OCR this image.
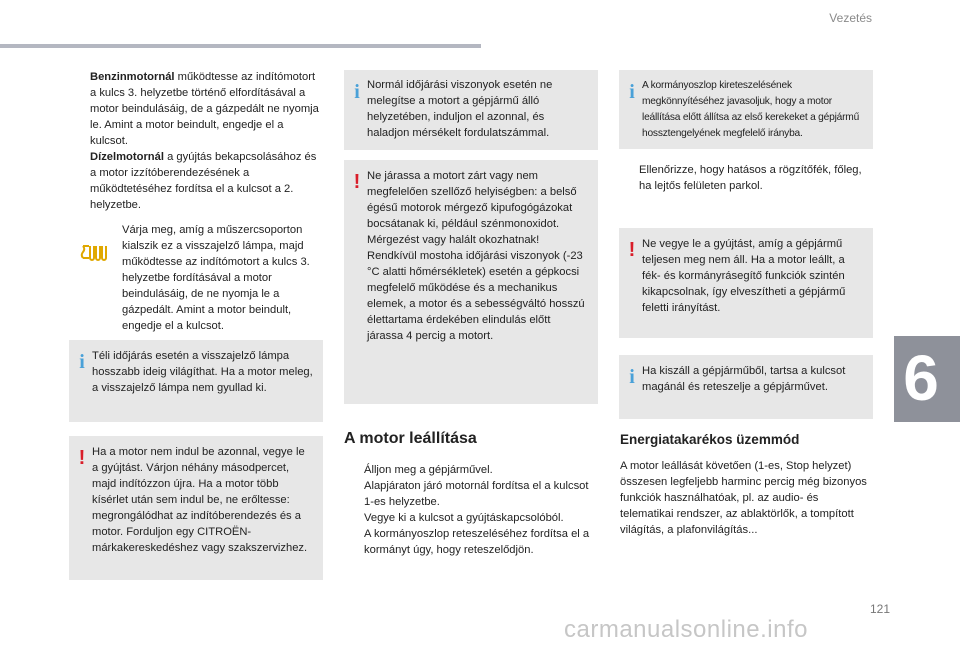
Vezetés
6
121
carmanualsonline.info
Benzinmotornál működtesse az indítómotort a kulcs 3. helyzetbe történő elfordításával a motor beindulásáig, de a gázpedált ne nyomja le. Amint a motor beindult, engedje el a kulcsot.
Dízelmotornál a gyújtás bekapcsolásához és a motor izzítóberendezésének a működtetéséhez fordítsa el a kulcsot a 2. helyzetbe.
Várja meg, amíg a műszercsoporton kialszik ez a visszajelző lámpa, majd működtesse az indítómotort a kulcs 3. helyzetbe fordításával a motor beindulásáig, de ne nyomja le a gázpedált. Amint a motor beindult, engedje el a kulcsot.
i Téli időjárás esetén a visszajelző lámpa hosszabb ideig világíthat. Ha a motor meleg, a visszajelző lámpa nem gyullad ki.
! Ha a motor nem indul be azonnal, vegye le a gyújtást. Várjon néhány másodpercet, majd indítózzon újra. Ha a motor több kísérlet után sem indul be, ne erőltesse: megrongálódhat az indítóberendezés és a motor. Forduljon egy CITROËN-márkakereskedéshez vagy szakszervizhez.
i Normál időjárási viszonyok esetén ne melegítse a motort a gépjármű álló helyzetében, induljon el azonnal, és haladjon mérsékelt fordulatszámmal.
! Ne járassa a motort zárt vagy nem megfelelően szellőző helyiségben: a belső égésű motorok mérgező kipufogógázokat bocsátanak ki, például szénmonoxidot. Mérgezést vagy halált okozhatnak! Rendkívül mostoha időjárási viszonyok (-23 °C alatti hőmérsékletek) esetén a gépkocsi megfelelő működése és a mechanikus elemek, a motor és a sebességváltó hosszú élettartama érdekében elindulás előtt járassa 4 percig a motort.
A motor leállítása
Álljon meg a gépjárművel.
Alapjáraton járó motornál fordítsa el a kulcsot 1-es helyzetbe.
Vegye ki a kulcsot a gyújtáskapcsolóból.
A kormányoszlop reteszeléséhez fordítsa el a kormányt úgy, hogy reteszelődjön.
i A kormányoszlop kireteszelésének megkönnyítéséhez javasoljuk, hogy a motor leállítása előtt állítsa az első kerekeket a gépjármű hossztengelyének megfelelő irányba.
Ellenőrizze, hogy hatásos a rögzítőfék, főleg, ha lejtős felületen parkol.
! Ne vegye le a gyújtást, amíg a gépjármű teljesen meg nem áll. Ha a motor leállt, a fék- és kormányrásegítő funkciók szintén kikapcsolnak, így elveszítheti a gépjármű feletti irányítást.
i Ha kiszáll a gépjárműből, tartsa a kulcsot magánál és reteszelje a gépjárművet.
Energiatakarékos üzemmód
A motor leállását követően (1-es, Stop helyzet) összesen legfeljebb harminc percig még bizonyos funkciók használhatóak, pl. az audio- és telematikai rendszer, az ablaktörlők, a tompított világítás, a plafonvilágítás...
